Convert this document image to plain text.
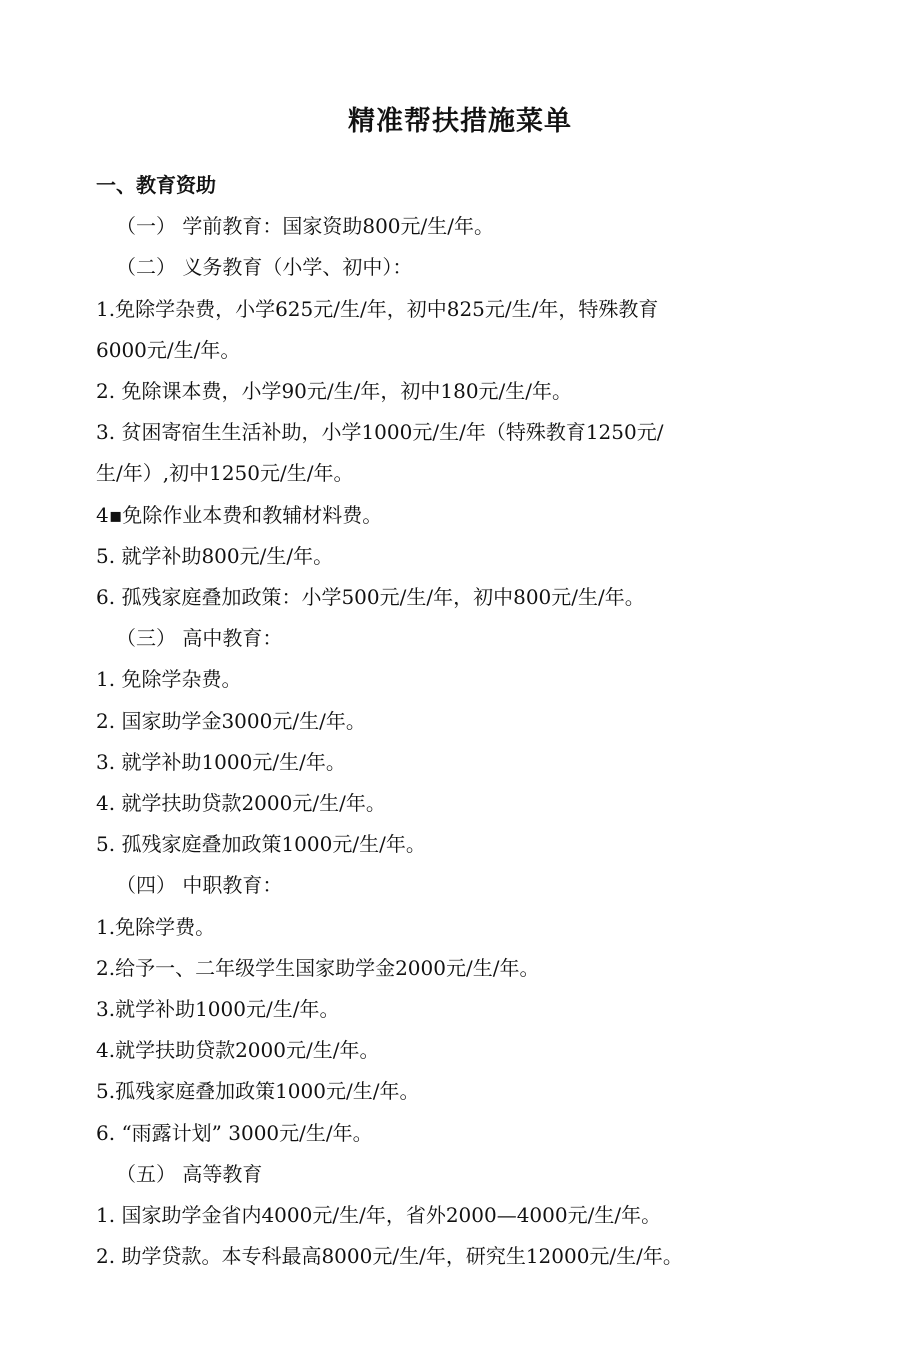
精准帮扶措施菜单
一、教育资助
（一） 学前教育：国家资助800元/生/年。
（二） 义务教育（小学、初中）：
1.免除学杂费，小学625元/生/年，初中825元/生/年，特殊教育
6000元/生/年。
2. 免除课本费，小学90元/生/年，初中180元/生/年。
3. 贫困寄宿生生活补助，小学1000元/生/年（特殊教育1250元/
生/年）,初中1250元/生/年。
4▪免除作业本费和教辅材料费。
5. 就学补助800元/生/年。
6. 孤残家庭叠加政策：小学500元/生/年，初中800元/生/年。
（三） 高中教育：
1. 免除学杂费。
2. 国家助学金3000元/生/年。
3. 就学补助1000元/生/年。
4. 就学扶助贷款2000元/生/年。
5. 孤残家庭叠加政策1000元/生/年。
（四） 中职教育：
1.免除学费。
2.给予一、二年级学生国家助学金2000元/生/年。
3.就学补助1000元/生/年。
4.就学扶助贷款2000元/生/年。
5.孤残家庭叠加政策1000元/生/年。
6. “雨露计划” 3000元/生/年。
（五） 高等教育
1. 国家助学金省内4000元/生/年，省外2000—4000元/生/年。
2. 助学贷款。本专科最高8000元/生/年，研究生12000元/生/年。
